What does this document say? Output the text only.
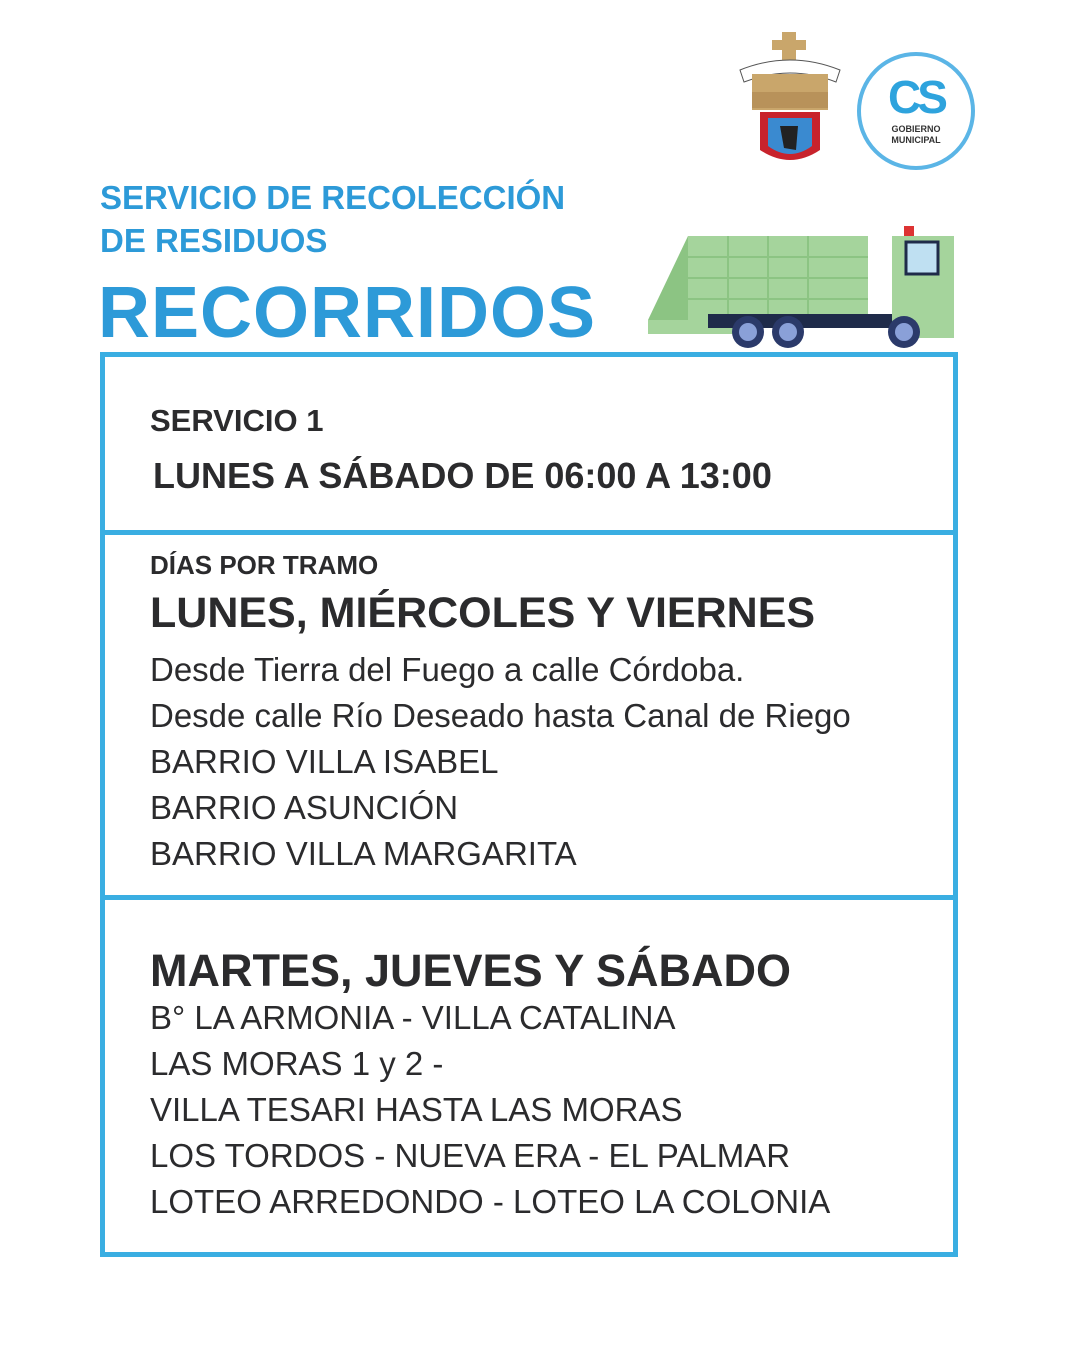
CS
GOBIERNO
MUNICIPAL
SERVICIO DE RECOLECCIÓN
DE RESIDUOS
RECORRIDOS
SERVICIO 1
LUNES A SÁBADO DE 06:00 A 13:00
DÍAS POR TRAMO
LUNES, MIÉRCOLES Y VIERNES
Desde Tierra del Fuego a calle Córdoba.
Desde calle Río Deseado hasta Canal de Riego
BARRIO VILLA ISABEL
BARRIO ASUNCIÓN
BARRIO VILLA MARGARITA
MARTES, JUEVES Y SÁBADO
B° LA ARMONIA - VILLA CATALINA
LAS MORAS 1 y 2 -
VILLA TESARI HASTA LAS MORAS
LOS TORDOS - NUEVA ERA - EL PALMAR
LOTEO ARREDONDO - LOTEO LA COLONIA
